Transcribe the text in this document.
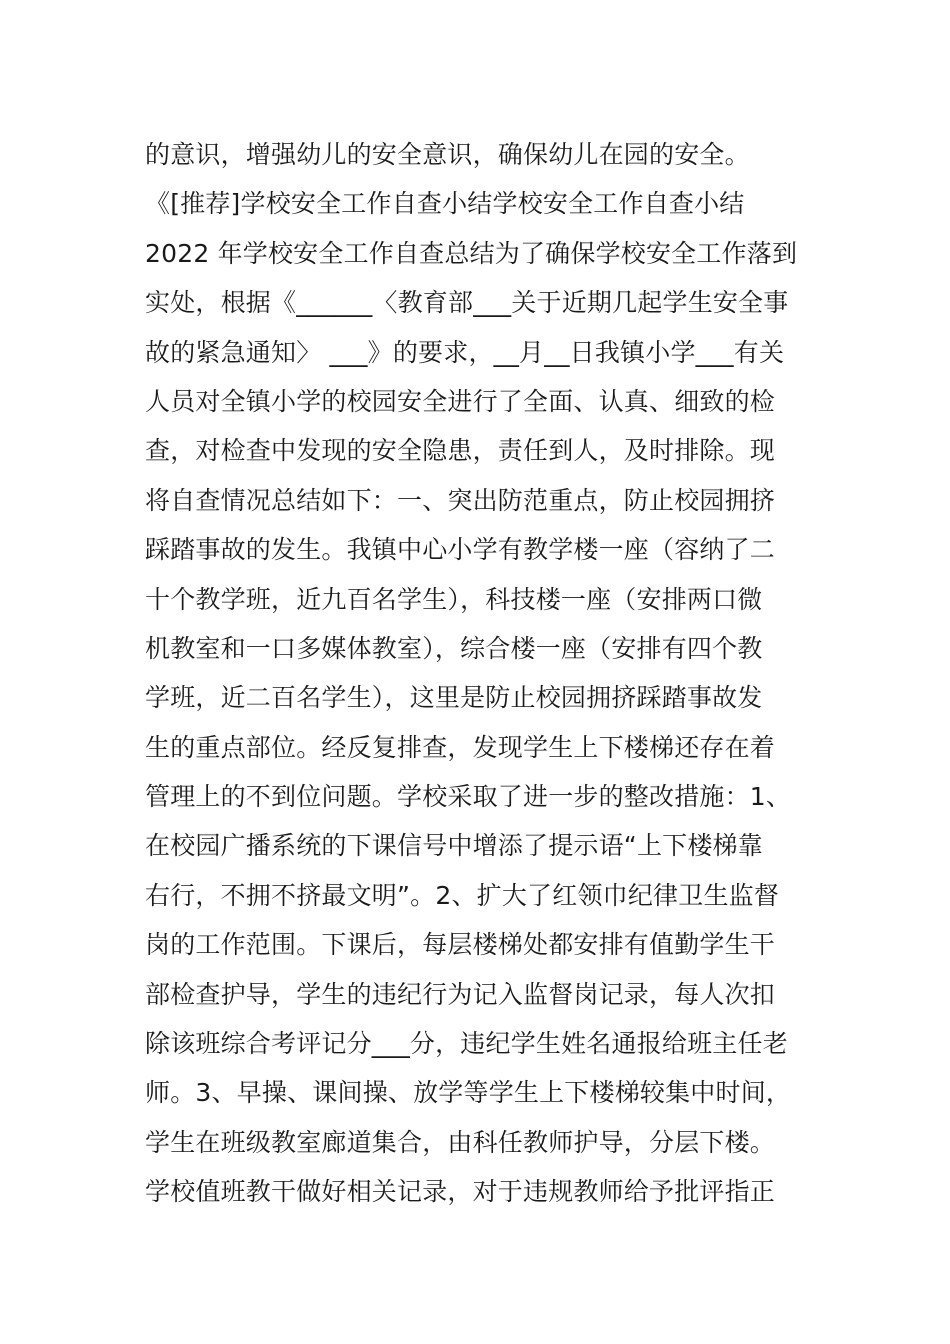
的意识，增强幼儿的安全意识，确保幼儿在园的安全。
《[推荐]学校安全工作自查小结学校安全工作自查小结
2022 年学校安全工作自查总结为了确保学校安全工作落到
实处，根据《______〈教育部___关于近期几起学生安全事
故的紧急通知〉 ___》的要求，__月__日我镇小学___有关
人员对全镇小学的校园安全进行了全面、认真、细致的检
查，对检查中发现的安全隐患，责任到人，及时排除。现
将自查情况总结如下：一、突出防范重点，防止校园拥挤
踩踏事故的发生。我镇中心小学有教学楼一座（容纳了二
十个教学班，近九百名学生），科技楼一座（安排两口微
机教室和一口多媒体教室），综合楼一座（安排有四个教
学班，近二百名学生），这里是防止校园拥挤踩踏事故发
生的重点部位。经反复排查，发现学生上下楼梯还存在着
管理上的不到位问题。学校采取了进一步的整改措施：1、
在校园广播系统的下课信号中增添了提示语“上下楼梯靠
右行，不拥不挤最文明”。2、扩大了红领巾纪律卫生监督
岗的工作范围。下课后，每层楼梯处都安排有值勤学生干
部检查护导，学生的违纪行为记入监督岗记录，每人次扣
除该班综合考评记分___分，违纪学生姓名通报给班主任老
师。3、早操、课间操、放学等学生上下楼梯较集中时间，
学生在班级教室廊道集合，由科任教师护导，分层下楼。
学校值班教干做好相关记录，对于违规教师给予批评指正
